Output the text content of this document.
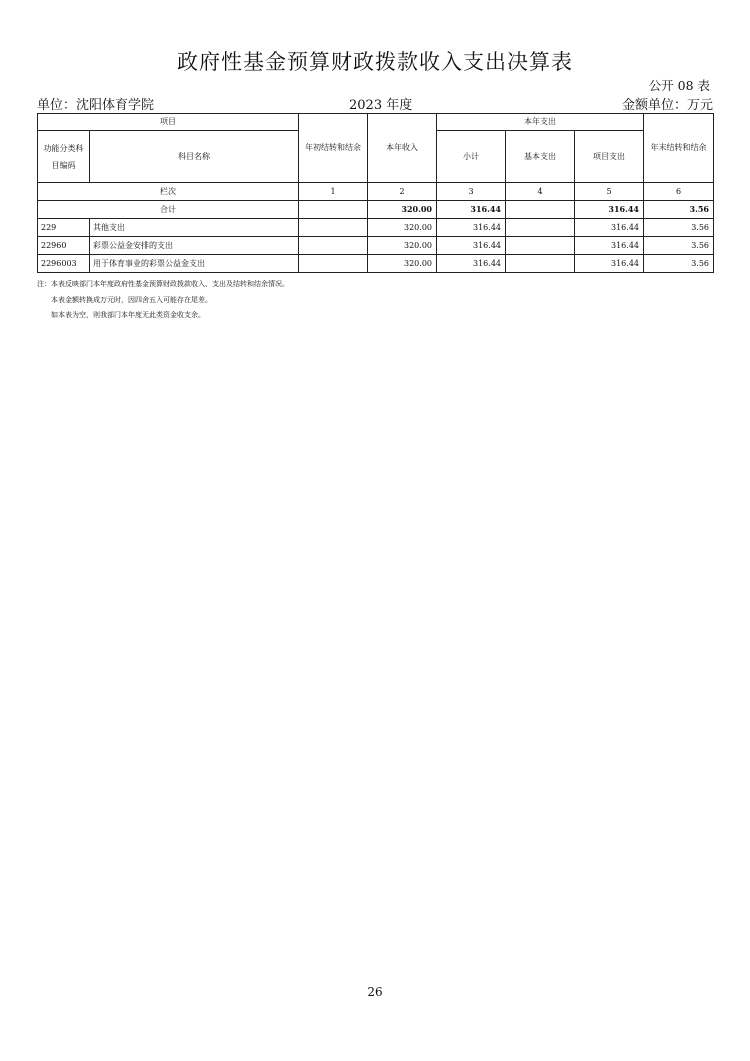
政府性基金预算财政拨款收入支出决算表
公开 08 表
单位：沈阳体育学院	2023 年度	金额单位：万元
项目		年初结转和结余	本年收入	本年支出			年末结转和结余
功能分类科目编码	科目名称			小计	基本支出	项目支出	
栏次		1	2	3	4	5	6
合计			320.00	316.44		316.44	3.56
229	其他支出		320.00	316.44		316.44	3.56
22960	彩票公益金安排的支出		320.00	316.44		316.44	3.56
2296003	用于体育事业的彩票公益金支出		320.00	316.44		316.44	3.56
注：本表反映部门本年度政府性基金预算财政拨款收入、支出及结转和结余情况。
本表金额转换成万元时，因四舍五入可能存在尾差。
如本表为空，则我部门本年度无此类资金收支余。
26
